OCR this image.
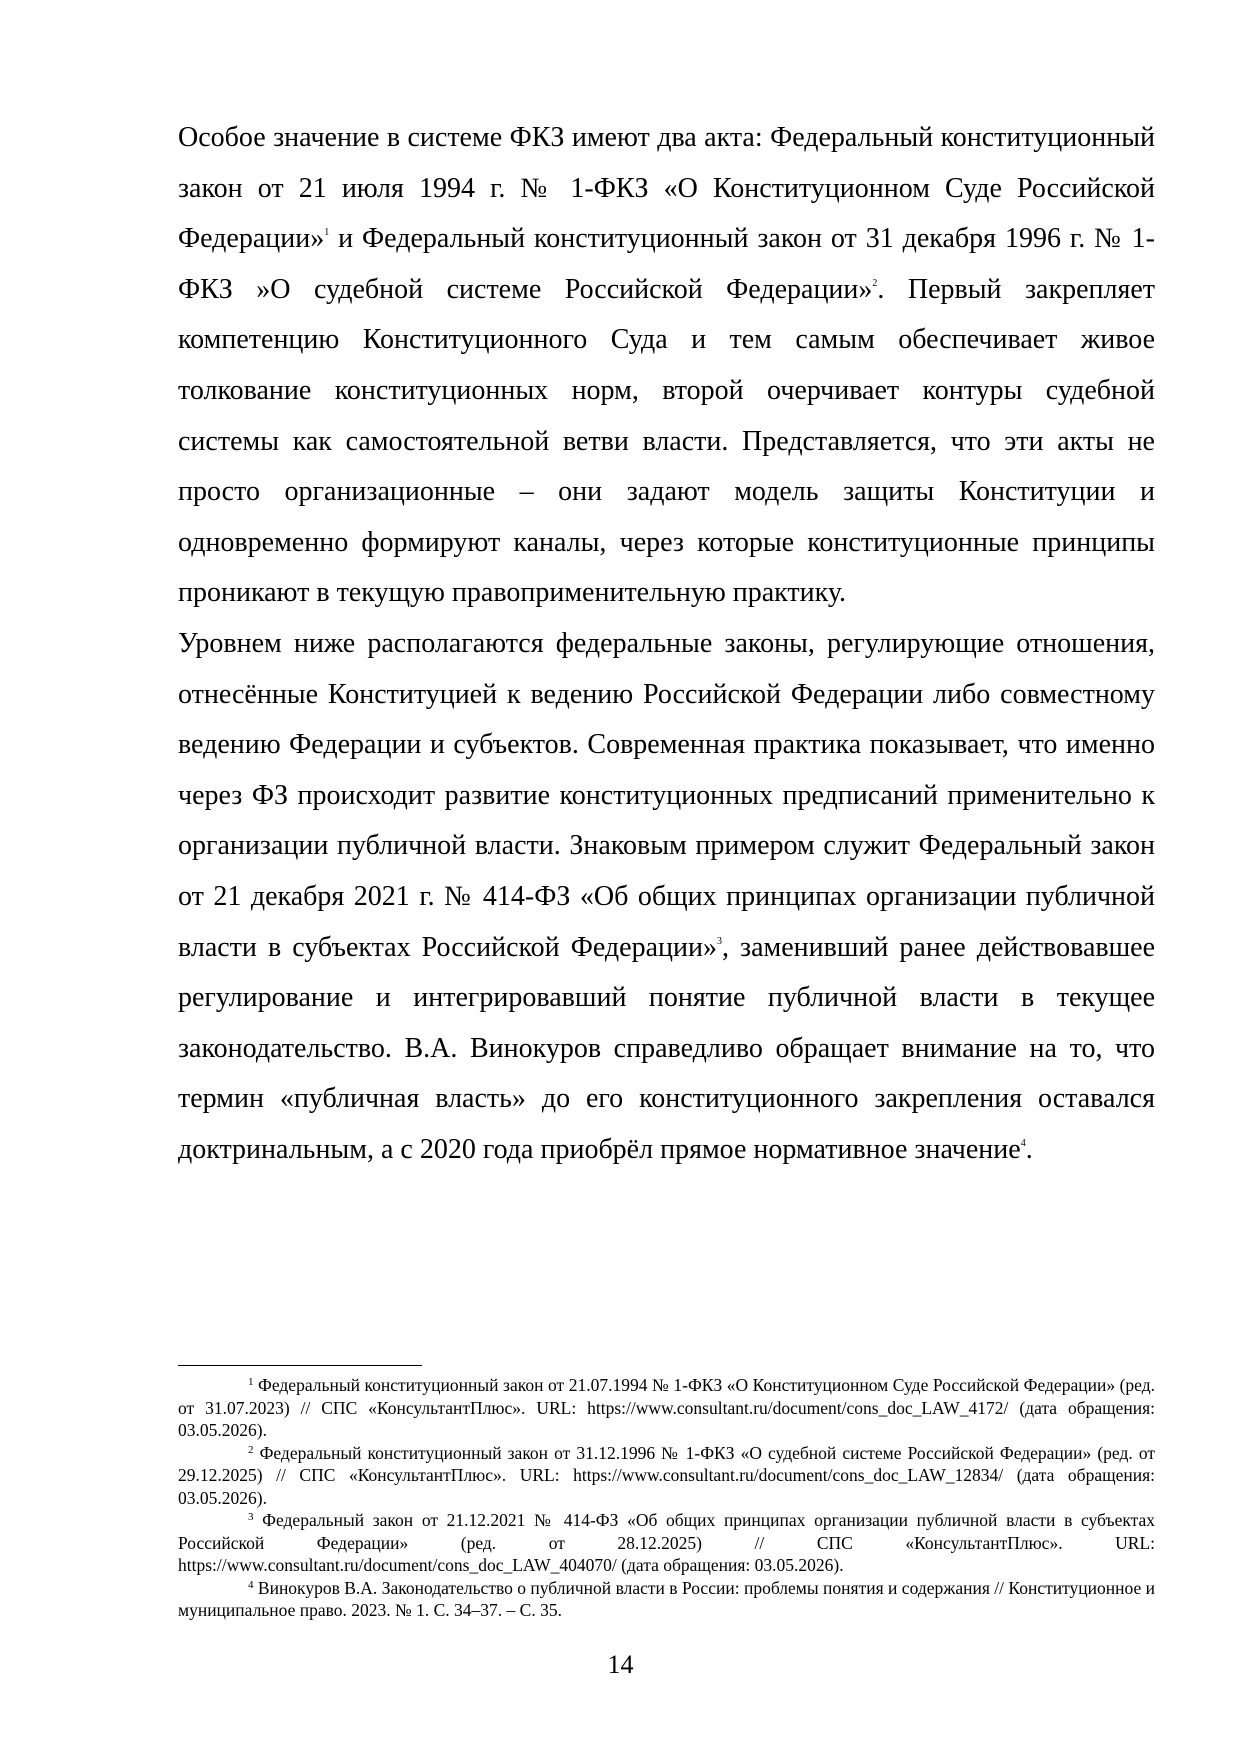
Особое значение в системе ФКЗ имеют два акта: Федеральный конституционный закон от 21 июля 1994 г. № 1-ФКЗ «О Конституционном Суде Российской Федерации»$^1$ и Федеральный конституционный закон от 31 декабря 1996 г. № 1-ФКЗ »О судебной системе Российской Федерации»$^2$. Первый закрепляет компетенцию Конституционного Суда и тем самым обеспечивает живое толкование конституционных норм, второй очерчивает контуры судебной системы как самостоятельной ветви власти. Представляется, что эти акты не просто организационные – они задают модель защиты Конституции и одновременно формируют каналы, через которые конституционные принципы проникают в текущую правоприменительную практику.

Уровнем ниже располагаются федеральные законы, регулирующие отношения, отнесённые Конституцией к ведению Российской Федерации либо совместному ведению Федерации и субъектов. Современная практика показывает, что именно через ФЗ происходит развитие конституционных предписаний применительно к организации публичной власти. Знаковым примером служит Федеральный закон от 21 декабря 2021 г. № 414-ФЗ «Об общих принципах организации публичной власти в субъектах Российской Федерации»$^3$, заменивший ранее действовавшее регулирование и интегрировавший понятие публичной власти в текущее законодательство. В.А. Винокуров справедливо обращает внимание на то, что термин «публичная власть» до его конституционного закрепления оставался доктринальным, а с 2020 года приобрёл прямое нормативное значение$^4$.

$^1$ Федеральный конституционный закон от 21.07.1994 № 1-ФКЗ «О Конституционном Суде Российской Федерации» (ред. от 31.07.2023) // СПС «КонсультантПлюс». URL: https://www.consultant.ru/document/cons_doc_LAW_4172/ (дата обращения: 03.05.2026).

$^2$ Федеральный конституционный закон от 31.12.1996 № 1-ФКЗ «О судебной системе Российской Федерации» (ред. от 29.12.2025) // СПС «КонсультантПлюс». URL: https://www.consultant.ru/document/cons_doc_LAW_12834/ (дата обращения: 03.05.2026).

$^3$ Федеральный закон от 21.12.2021 № 414-ФЗ «Об общих принципах организации публичной власти в субъектах Российской Федерации» (ред. от 28.12.2025) // СПС «КонсультантПлюс». URL: https://www.consultant.ru/document/cons_doc_LAW_404070/ (дата обращения: 03.05.2026).

$^4$ Винокуров В.А. Законодательство о публичной власти в России: проблемы понятия и содержания // Конституционное и муниципальное право. 2023. № 1. С. 34–37. – С. 35.

14
